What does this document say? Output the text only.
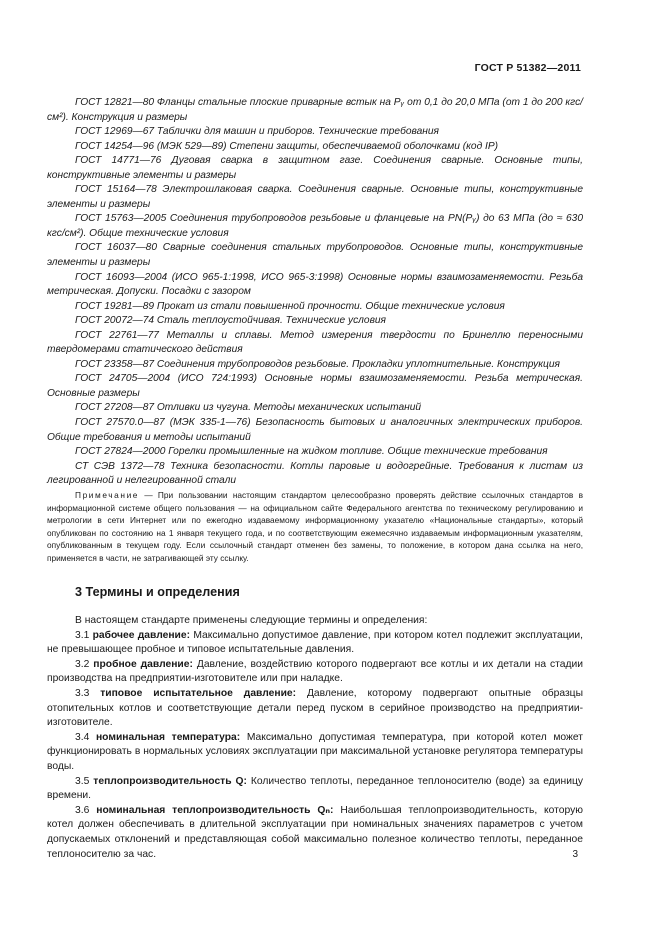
ГОСТ Р 51382—2011

ГОСТ 12821—80 Фланцы стальные плоские приварные встык на Pᵧ от 0,1 до 20,0 МПа (от 1 до 200 кгс/см²). Конструкция и размеры

ГОСТ 12969—67 Таблички для машин и приборов. Технические требования

ГОСТ 14254—96 (МЭК 529—89) Степени защиты, обеспечиваемой оболочками (код IP)

ГОСТ 14771—76 Дуговая сварка в защитном газе. Соединения сварные. Основные типы, конструктивные элементы и размеры

ГОСТ 15164—78 Электрошлаковая сварка. Соединения сварные. Основные типы, конструктивные элементы и размеры

ГОСТ 15763—2005 Соединения трубопроводов резьбовые и фланцевые на PN(Pᵧ) до 63 МПа (до ≈ 630 кгс/см²). Общие технические условия

ГОСТ 16037—80 Сварные соединения стальных трубопроводов. Основные типы, конструктивные элементы и размеры

ГОСТ 16093—2004 (ИСО 965-1:1998, ИСО 965-3:1998) Основные нормы взаимозаменяемости. Резьба метрическая. Допуски. Посадки с зазором

ГОСТ 19281—89 Прокат из стали повышенной прочности. Общие технические условия

ГОСТ 20072—74 Сталь теплоустойчивая. Технические условия

ГОСТ 22761—77 Металлы и сплавы. Метод измерения твердости по Бринеллю переносными твердомерами статического действия

ГОСТ 23358—87 Соединения трубопроводов резьбовые. Прокладки уплотнительные. Конструкция

ГОСТ 24705—2004 (ИСО 724:1993) Основные нормы взаимозаменяемости. Резьба метрическая. Основные размеры

ГОСТ 27208—87 Отливки из чугуна. Методы механических испытаний

ГОСТ 27570.0—87 (МЭК 335-1—76) Безопасность бытовых и аналогичных электрических приборов. Общие требования и методы испытаний

ГОСТ 27824—2000 Горелки промышленные на жидком топливе. Общие технические требования

СТ СЭВ 1372—78 Техника безопасности. Котлы паровые и водогрейные. Требования к листам из легированной и нелегированной стали

Примечание — При пользовании настоящим стандартом целесообразно проверять действие ссылочных стандартов в информационной системе общего пользования — на официальном сайте Федерального агентства по техническому регулированию и метрологии в сети Интернет или по ежегодно издаваемому информационному указателю «Национальные стандарты», который опубликован по состоянию на 1 января текущего года, и по соответствующим ежемесячно издаваемым информационным указателям, опубликованным в текущем году. Если ссылочный стандарт отменен без замены, то положение, в котором дана ссылка на него, применяется в части, не затрагивающей эту ссылку.

3 Термины и определения

В настоящем стандарте применены следующие термины и определения:

3.1 рабочее давление: Максимально допустимое давление, при котором котел подлежит эксплуатации, не превышающее пробное и типовое испытательные давления.

3.2 пробное давление: Давление, воздействию которого подвергают все котлы и их детали на стадии производства на предприятии-изготовителе или при наладке.

3.3 типовое испытательное давление: Давление, которому подвергают опытные образцы отопительных котлов и соответствующие детали перед пуском в серийное производство на предприятии-изготовителе.

3.4 номинальная температура: Максимально допустимая температура, при которой котел может функционировать в нормальных условиях эксплуатации при максимальной установке регулятора температуры воды.

3.5 теплопроизводительность Q: Количество теплоты, переданное теплоносителю (воде) за единицу времени.

3.6 номинальная теплопроизводительность Qₙ: Наибольшая теплопроизводительность, которую котел должен обеспечивать в длительной эксплуатации при номинальных значениях параметров с учетом допускаемых отклонений и представляющая собой максимально полезное количество теплоты, переданное теплоносителю за час.	3
